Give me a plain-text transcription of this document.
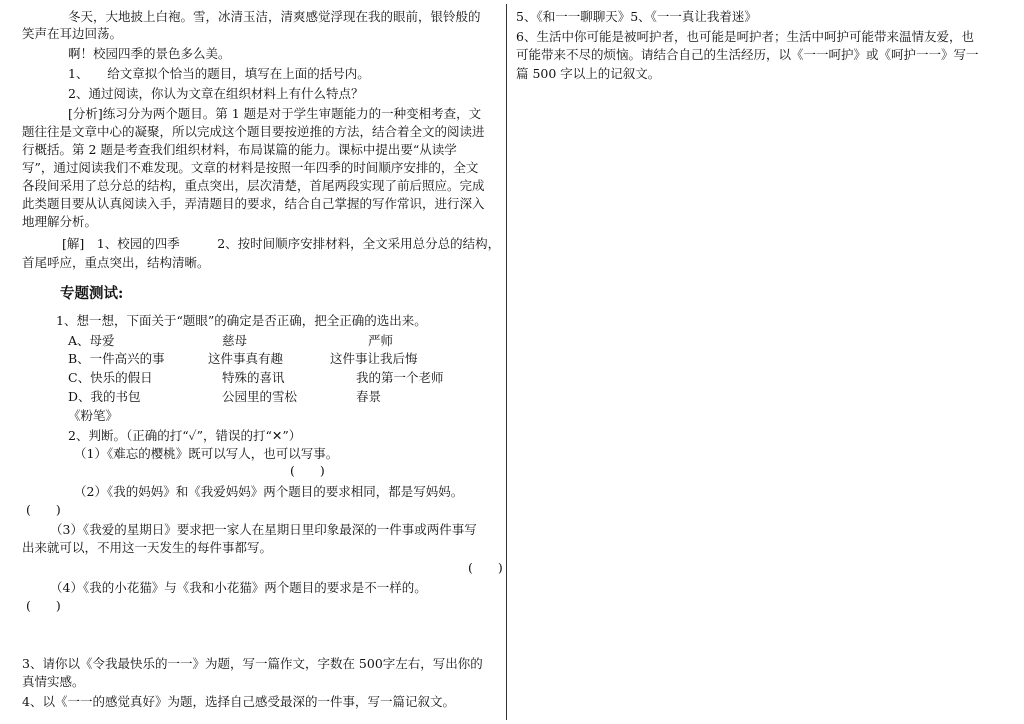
冬天，大地披上白袍。雪，冰清玉洁，清爽感觉浮现在我的眼前，银铃般的
笑声在耳边回荡。
啊！校园四季的景色多么美。
1、　　给文章拟个恰当的题目，填写在上面的括号内。
2、通过阅读，你认为文章在组织材料上有什么特点？
[分析]练习分为两个题目。第 1 题是对于学生审题能力的一种变相考查，文
题往往是文章中心的凝聚，所以完成这个题目要按逆推的方法，结合着全文的阅读进
行概括。第 2 题是考查我们组织材料，布局谋篇的能力。课标中提出要“从读学
写”，通过阅读我们不难发现。文章的材料是按照一年四季的时间顺序安排的，全文
各段间采用了总分总的结构，重点突出，层次清楚，首尾两段实现了前后照应。完成
此类题目要从认真阅读入手，弄清题目的要求，结合自己掌握的写作常识，进行深入
地理解分析。
[解]　1、校园的四季　　　2、按时间顺序安排材料，全文采用总分总的结构，
首尾呼应，重点突出，结构清晰。
专题测试:
1、想一想，下面关于“题眼”的确定是否正确，把全正确的选出来。
A、母爱	慈母	严师
B、一件高兴的事	这件事真有趣	这件事让我后悔
C、快乐的假日	特殊的喜讯	我的第一个老师
D、我的书包	公园里的雪松	春景
《粉笔》
2、判断。（正确的打“✓”，错误的打“✕”）
（1）《难忘的樱桃》既可以写人，也可以写事。
(　　)
（2）《我的妈妈》和《我爱妈妈》两个题目的要求相同，都是写妈妈。
(　　)
（3）《我爱的星期日》要求把一家人在星期日里印象最深的一件事或两件事写
出来就可以，不用这一天发生的每件事都写。
(　　)
（4）《我的小花猫》与《我和小花猫》两个题目的要求是不一样的。
(　　)
3、请你以《令我最快乐的一一》为题，写一篇作文，字数在 500字左右，写出你的
真情实感。
4、以《一一的感觉真好》为题，选择自己感受最深的一件事，写一篇记叙文。
5、《和一一聊聊天》5、《一一真让我着迷》
6、生活中你可能是被呵护者，也可能是呵护者；生活中呵护可能带来温情友爱，也
可能带来不尽的烦恼。请结合自己的生活经历，以《一一呵护》或《呵护一一》写一
篇 500 字以上的记叙文。
